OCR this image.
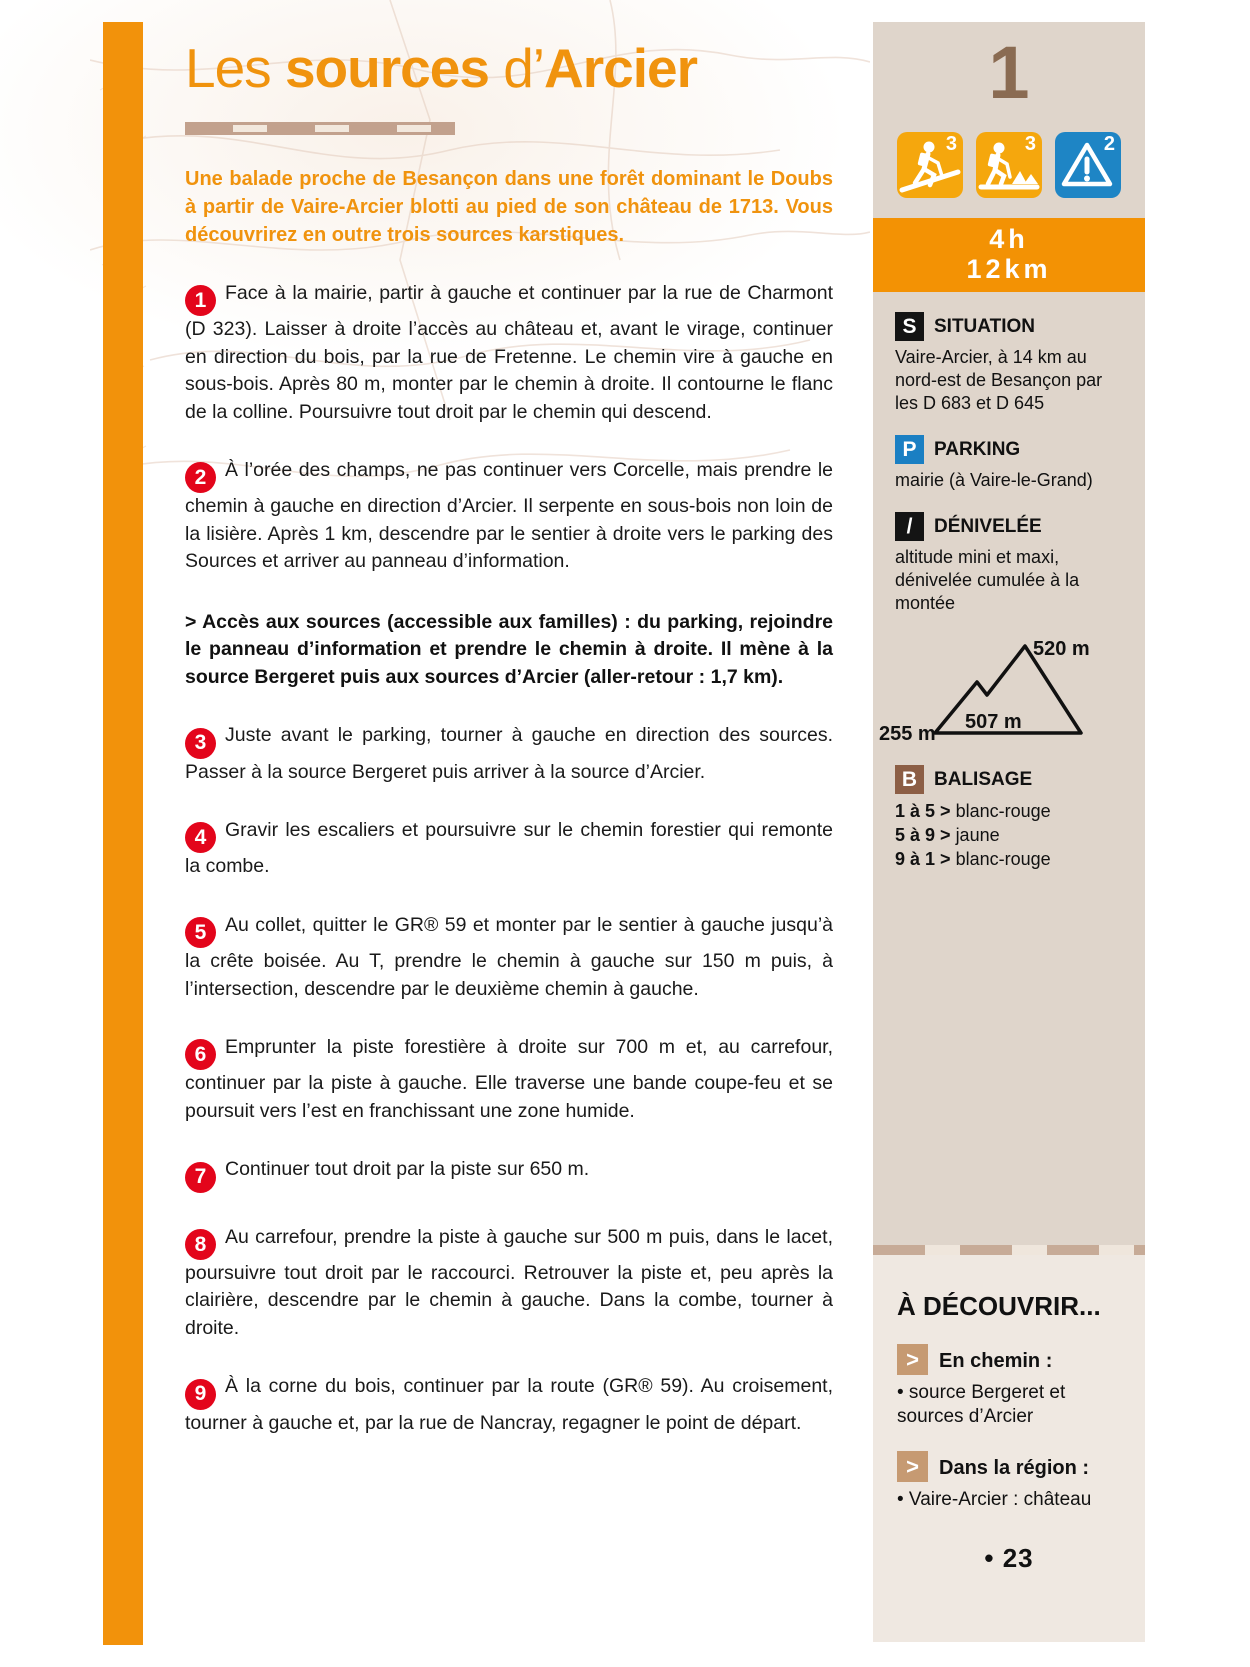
Les sources d’Arcier

Une balade proche de Besançon dans une forêt dominant le Doubs à partir de Vaire-Arcier blotti au pied de son château de 1713. Vous découvrirez en outre trois sources karstiques.

1 Face à la mairie, partir à gauche et continuer par la rue de Charmont (D 323). Laisser à droite l’accès au château et, avant le virage, continuer en direction du bois, par la rue de Fretenne. Le chemin vire à gauche en sous-bois. Après 80 m, monter par le chemin à droite. Il contourne le flanc de la colline. Poursuivre tout droit par le chemin qui descend.

2 À l’orée des champs, ne pas continuer vers Corcelle, mais prendre le chemin à gauche en direction d’Arcier. Il serpente en sous-bois non loin de la lisière. Après 1 km, descendre par le sentier à droite vers le parking des Sources et arriver au panneau d’information.

> Accès aux sources (accessible aux familles) : du parking, rejoindre le panneau d’information et prendre le chemin à droite. Il mène à la source Bergeret puis aux sources d’Arcier (aller-retour : 1,7 km).

3 Juste avant le parking, tourner à gauche en direction des sources. Passer à la source Bergeret puis arriver à la source d’Arcier.

4 Gravir les escaliers et poursuivre sur le chemin forestier qui remonte la combe.

5 Au collet, quitter le GR® 59 et monter par le sentier à gauche jusqu’à la crête boisée. Au T, prendre le chemin à gauche sur 150 m puis, à l’intersection, descendre par le deuxième chemin à gauche.

6 Emprunter la piste forestière à droite sur 700 m et, au carrefour, continuer par la piste à gauche. Elle traverse une bande coupe-feu et se poursuit vers l’est en franchissant une zone humide.

7 Continuer tout droit par la piste sur 650 m.

8 Au carrefour, prendre la piste à gauche sur 500 m puis, dans le lacet, poursuivre tout droit par le raccourci. Retrouver la piste et, peu après la clairière, descendre par le chemin à gauche. Dans la combe, tourner à droite.

9 À la corne du bois, continuer par la route (GR® 59). Au croisement, tourner à gauche et, par la rue de Nancray, regagner le point de départ.

1
3	3	2
4h
12km
S SITUATION
Vaire-Arcier, à 14 km au nord-est de Besançon par les D 683 et D 645
P PARKING
mairie (à Vaire-le-Grand)
/	DÉNIVELÉE
altitude mini et maxi, dénivelée cumulée à la montée
255 m
520 m
507 m
B BALISAGE
1 à 5 > blanc-rouge
5 à 9 > jaune
9 à 1 > blanc-rouge
À DÉCOUVRIR...
>	En chemin :
• source Bergeret et sources d’Arcier
>	Dans la région :
• Vaire-Arcier : château
• 23
